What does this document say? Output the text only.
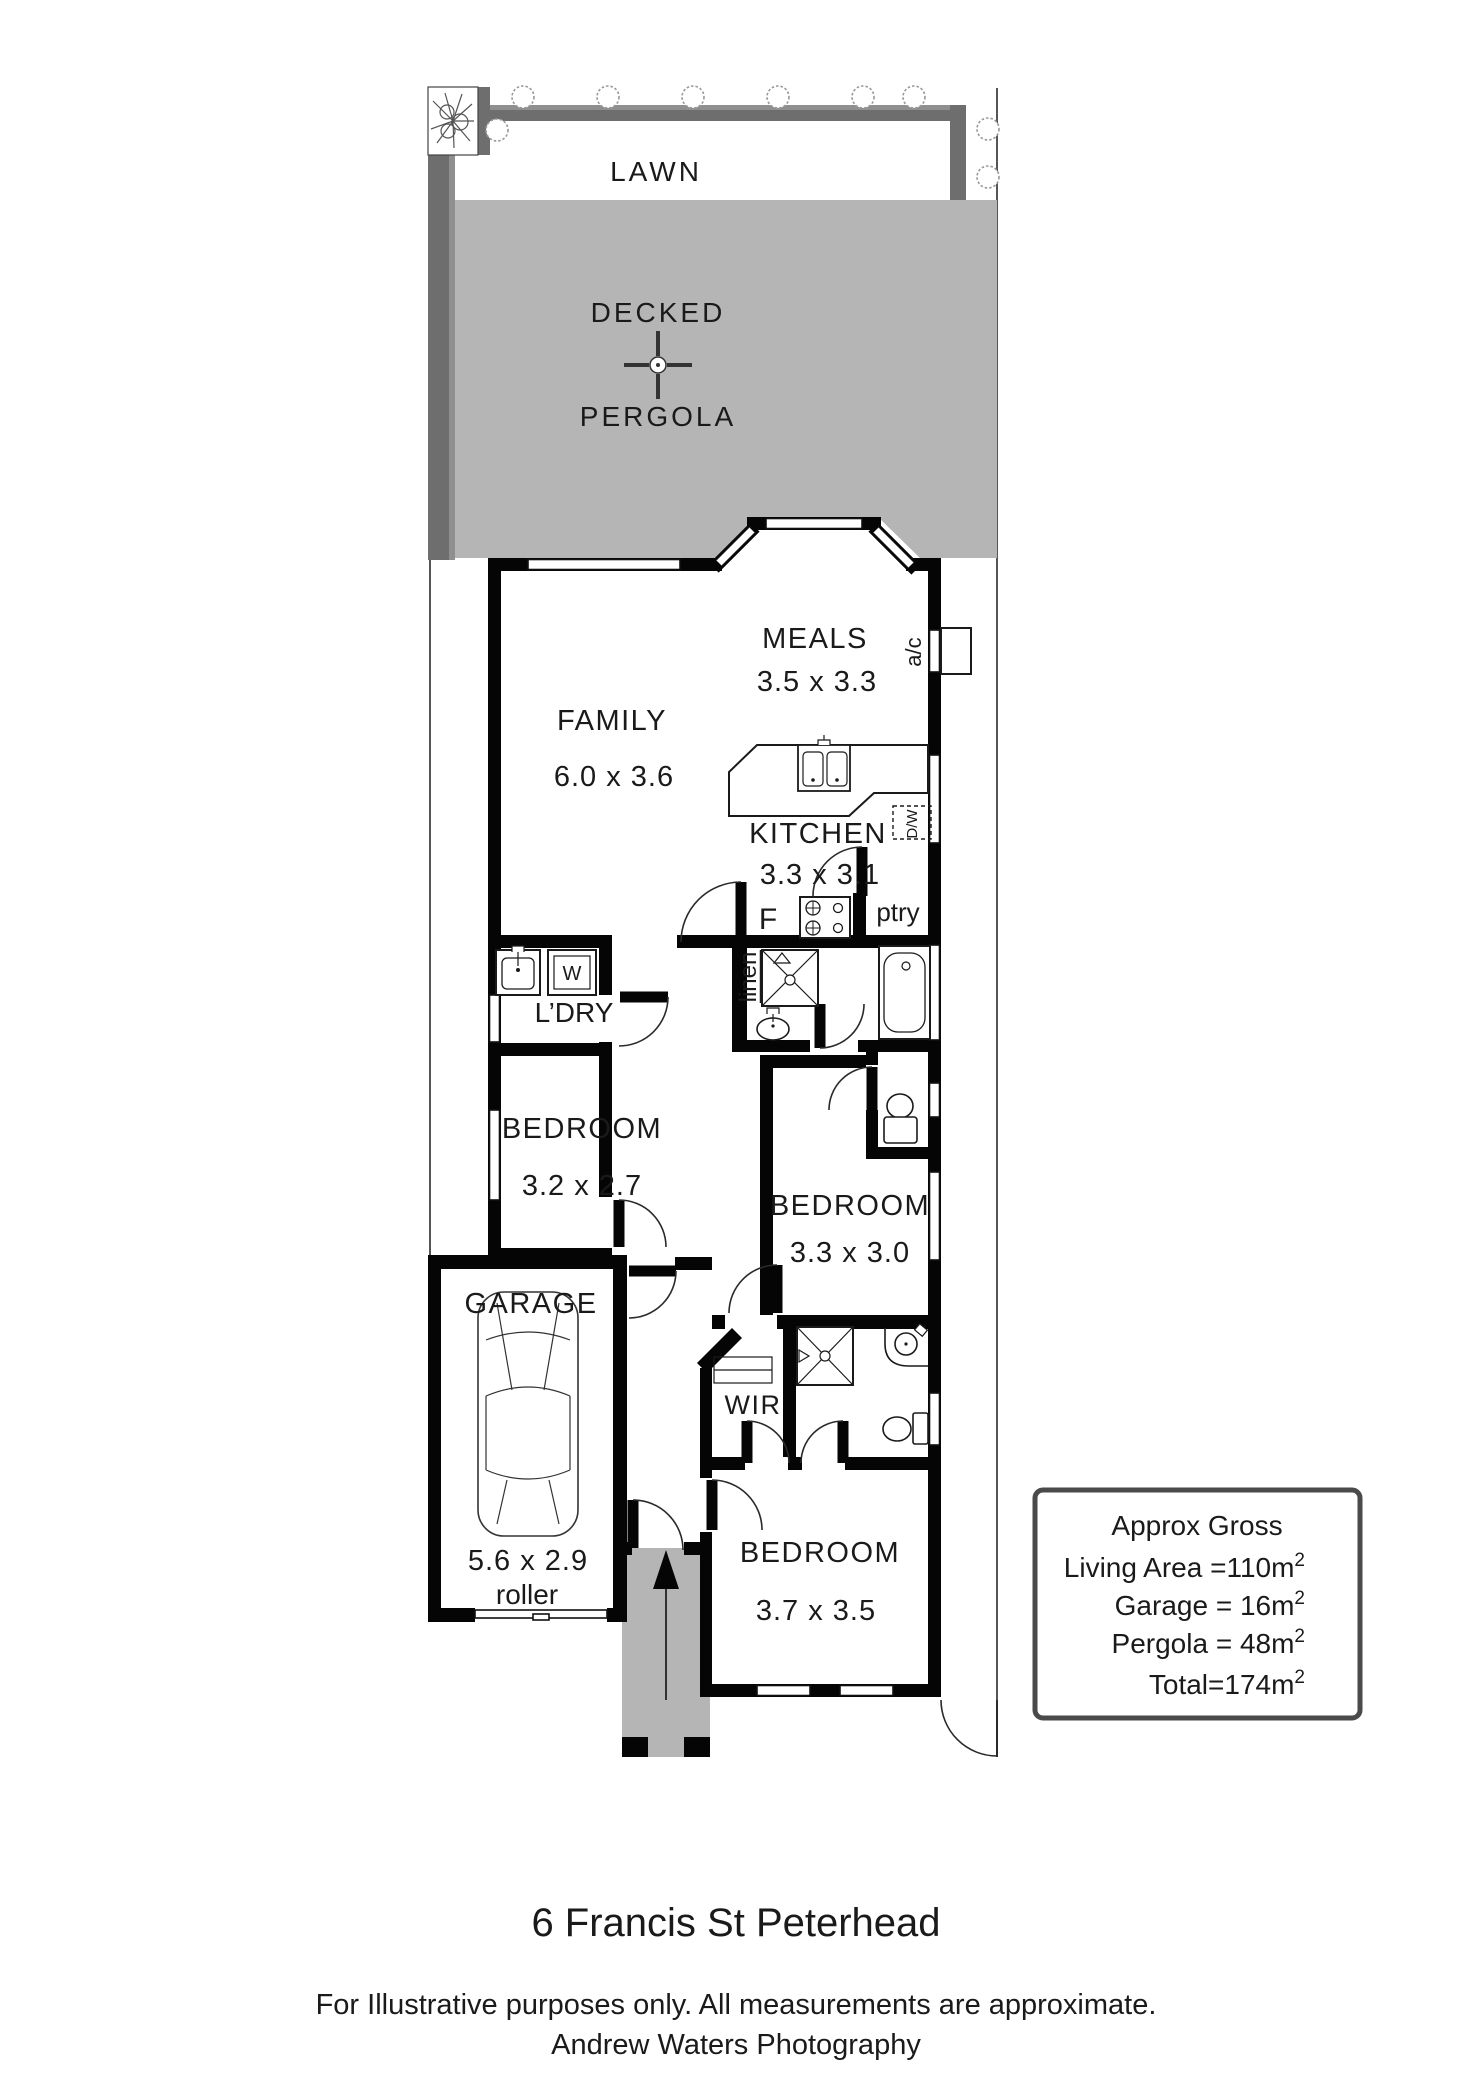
LAWN
DECKED
PERGOLA
D/W
W
FAMILY
6.0 x 3.6
MEALS
3.5 x 3.3
KITCHEN
3.3 x 3.1
L’DRY
BEDROOM
3.2 x 2.7
BEDROOM
3.3 x 3.0
GARAGE
5.6 x 2.9
roller
WIR
BEDROOM
3.7 x 3.5
a/c
F	ptry
linen
Approx Gross
Living Area $=110m^2$
Garage = $16m^2$
Pergola = $48m^2$
$Total=174m^2$
6 Francis St Peterhead
For Illustrative purposes only. All measurements are approximate.
Andrew Waters Photography
